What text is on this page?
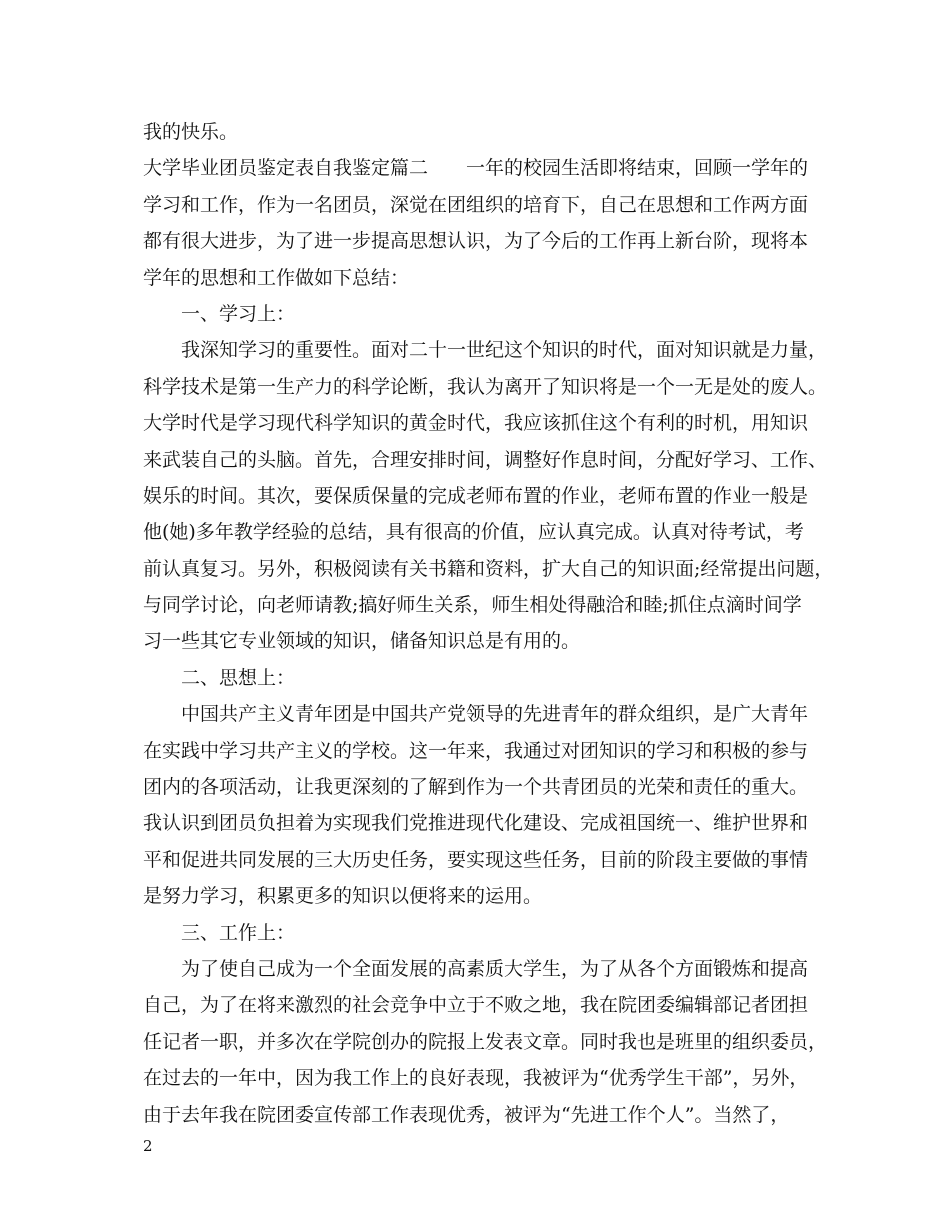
我的快乐。
大学毕业团员鉴定表自我鉴定篇二　　一年的校园生活即将结束，回顾一学年的
学习和工作，作为一名团员，深觉在团组织的培育下，自己在思想和工作两方面
都有很大进步，为了进一步提高思想认识，为了今后的工作再上新台阶，现将本
学年的思想和工作做如下总结：
一、学习上：
我深知学习的重要性。面对二十一世纪这个知识的时代，面对知识就是力量，
科学技术是第一生产力的科学论断，我认为离开了知识将是一个一无是处的废人。
大学时代是学习现代科学知识的黄金时代，我应该抓住这个有利的时机，用知识
来武装自己的头脑。首先，合理安排时间，调整好作息时间，分配好学习、工作、
娱乐的时间。其次，要保质保量的完成老师布置的作业，老师布置的作业一般是
他(她)多年教学经验的总结，具有很高的价值，应认真完成。认真对待考试，考
前认真复习。另外，积极阅读有关书籍和资料，扩大自己的知识面;经常提出问题，
与同学讨论，向老师请教;搞好师生关系，师生相处得融洽和睦;抓住点滴时间学
习一些其它专业领域的知识，储备知识总是有用的。
二、思想上：
中国共产主义青年团是中国共产党领导的先进青年的群众组织，是广大青年
在实践中学习共产主义的学校。这一年来，我通过对团知识的学习和积极的参与
团内的各项活动，让我更深刻的了解到作为一个共青团员的光荣和责任的重大。
我认识到团员负担着为实现我们党推进现代化建设、完成祖国统一、维护世界和
平和促进共同发展的三大历史任务，要实现这些任务，目前的阶段主要做的事情
是努力学习，积累更多的知识以便将来的运用。
三、工作上：
为了使自己成为一个全面发展的高素质大学生，为了从各个方面锻炼和提高
自己，为了在将来激烈的社会竞争中立于不败之地，我在院团委编辑部记者团担
任记者一职，并多次在学院创办的院报上发表文章。同时我也是班里的组织委员，
在过去的一年中，因为我工作上的良好表现，我被评为“优秀学生干部”，另外，
由于去年我在院团委宣传部工作表现优秀，被评为“先进工作个人”。当然了，
2
